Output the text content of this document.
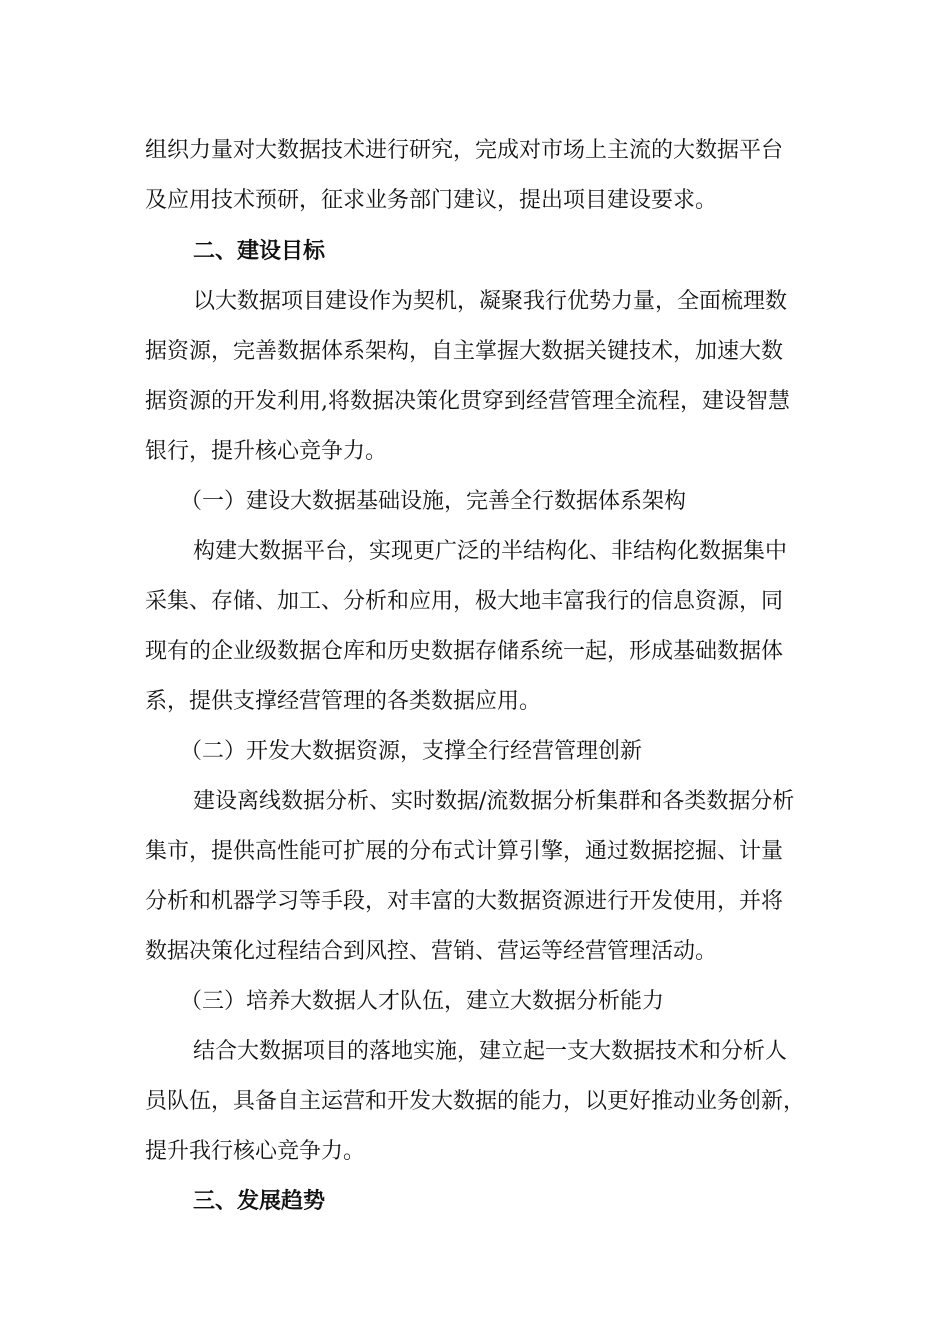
组织力量对大数据技术进行研究，完成对市场上主流的大数据平台
及应用技术预研，征求业务部门建议，提出项目建设要求。
二、建设目标
以大数据项目建设作为契机，凝聚我行优势力量，全面梳理数
据资源，完善数据体系架构，自主掌握大数据关键技术，加速大数
据资源的开发利用,将数据决策化贯穿到经营管理全流程，建设智慧
银行，提升核心竞争力。
（一）建设大数据基础设施，完善全行数据体系架构
构建大数据平台，实现更广泛的半结构化、非结构化数据集中
采集、存储、加工、分析和应用，极大地丰富我行的信息资源，同
现有的企业级数据仓库和历史数据存储系统一起，形成基础数据体
系，提供支撑经营管理的各类数据应用。
（二）开发大数据资源，支撑全行经营管理创新
建设离线数据分析、实时数据/流数据分析集群和各类数据分析
集市，提供高性能可扩展的分布式计算引擎，通过数据挖掘、计量
分析和机器学习等手段，对丰富的大数据资源进行开发使用，并将
数据决策化过程结合到风控、营销、营运等经营管理活动。
（三）培养大数据人才队伍，建立大数据分析能力
结合大数据项目的落地实施，建立起一支大数据技术和分析人
员队伍，具备自主运营和开发大数据的能力，以更好推动业务创新，
提升我行核心竞争力。
三、发展趋势
